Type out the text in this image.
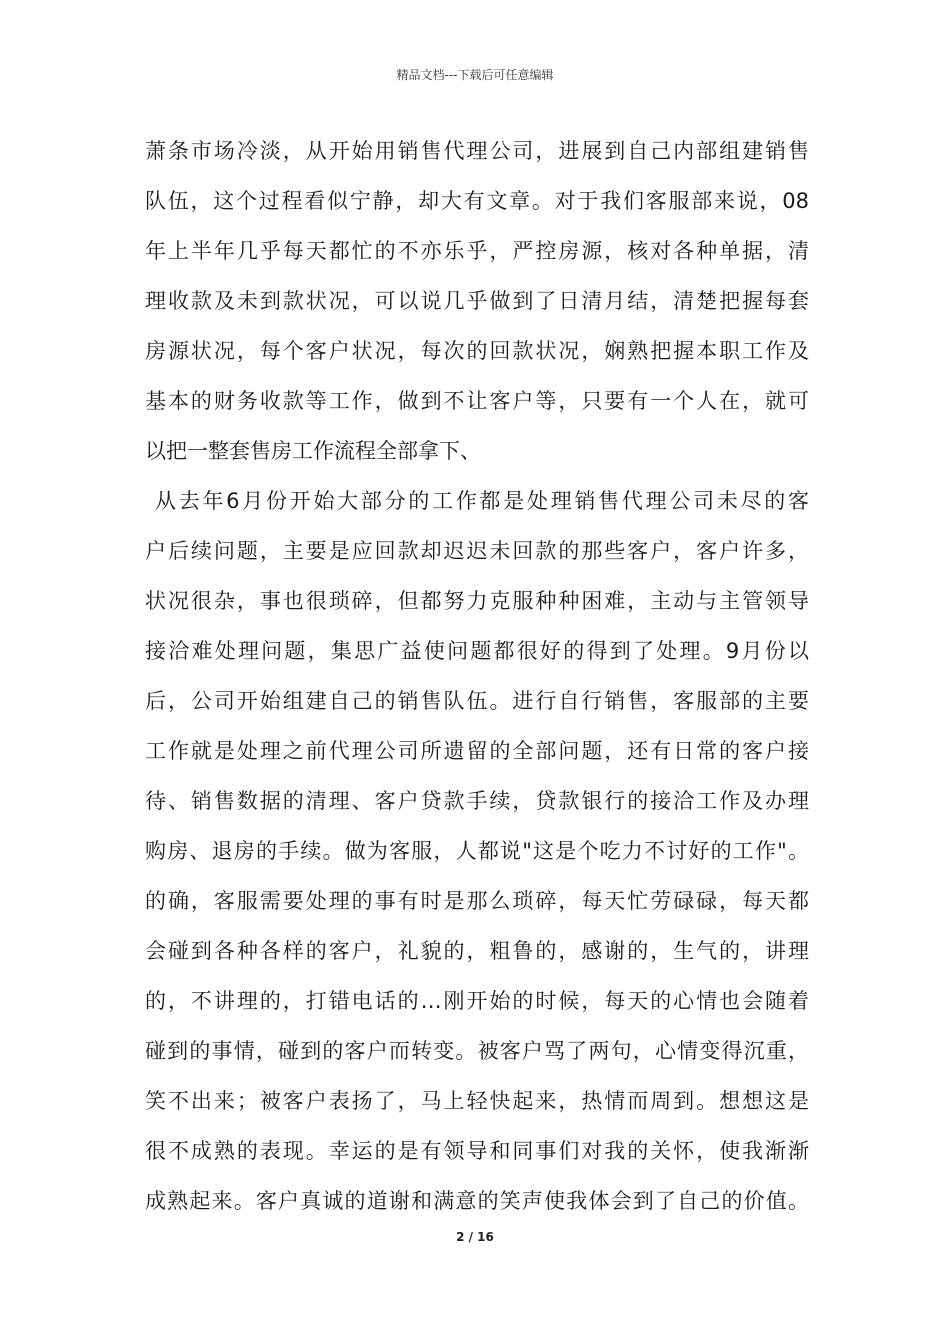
精品文档---下载后可任意编辑
萧条市场冷淡，从开始用销售代理公司，进展到自己内部组建销售
队伍，这个过程看似宁静，却大有文章。对于我们客服部来说，08
年上半年几乎每天都忙的不亦乐乎，严控房源，核对各种单据，清
理收款及未到款状况，可以说几乎做到了日清月结，清楚把握每套
房源状况，每个客户状况，每次的回款状况，娴熟把握本职工作及
基本的财务收款等工作，做到不让客户等，只要有一个人在，就可
以把一整套售房工作流程全部拿下、
从去年6月份开始大部分的工作都是处理销售代理公司未尽的客
户后续问题，主要是应回款却迟迟未回款的那些客户，客户许多，
状况很杂，事也很琐碎，但都努力克服种种困难，主动与主管领导
接洽难处理问题，集思广益使问题都很好的得到了处理。9月份以
后，公司开始组建自己的销售队伍。进行自行销售，客服部的主要
工作就是处理之前代理公司所遗留的全部问题，还有日常的客户接
待、销售数据的清理、客户贷款手续，贷款银行的接洽工作及办理
购房、退房的手续。做为客服，人都说"这是个吃力不讨好的工作"。
的确，客服需要处理的事有时是那么琐碎，每天忙劳碌碌，每天都
会碰到各种各样的客户，礼貌的，粗鲁的，感谢的，生气的，讲理
的，不讲理的，打错电话的…刚开始的时候，每天的心情也会随着
碰到的事情，碰到的客户而转变。被客户骂了两句，心情变得沉重，
笑不出来；被客户表扬了，马上轻快起来，热情而周到。想想这是
很不成熟的表现。幸运的是有领导和同事们对我的关怀，使我渐渐
成熟起来。客户真诚的道谢和满意的笑声使我体会到了自己的价值。
2 / 16
